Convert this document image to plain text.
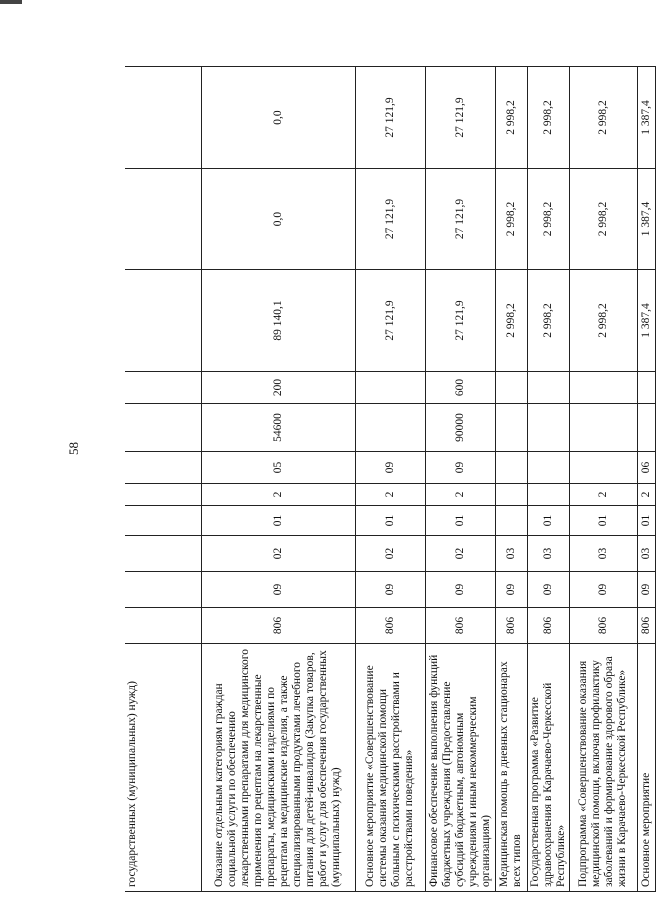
58
государственных (муниципальных) нужд)											
Оказание отдельным категориям граждан социальной услуги по обеспечению лекарственными препаратами для медицинского применения по рецептам на лекарственные препараты, медицинскими изделиями по рецептам на медицинские изделия, а также специализированными продуктами лечебного питания для детей-инвалидов (Закупка товаров, работ и услуг для обеспечения государственных (муниципальных) нужд)	806	09	02	01	2	05	54600	200	89 140,1	0,0	0,0
Основное мероприятие «Совершенствование системы оказания медицинской помощи больным с психическими расстройствами и расстройствами поведения»	806	09	02	01	2	09			27 121,9	27 121,9	27 121,9
Финансовое обеспечение выполнения функций бюджетных учреждения (Предоставление субсидий бюджетным, автономным учреждениям и иным некоммерческим организациям)	806	09	02	01	2	09	90000	600	27 121,9	27 121,9	27 121,9
Медицинская помощь в дневных стационарах всех типов	806	09	03						2 998,2	2 998,2	2 998,2
Государственная программа «Развитие здравоохранения в Карачаево-Черкесской Республике»	806	09	03	01					2 998,2	2 998,2	2 998,2
Подпрограмма «Совершенствование оказания медицинской помощи, включая профилактику заболеваний и формирование здорового образа жизни в Карачаево-Черкесской Республике»	806	09	03	01	2				2 998,2	2 998,2	2 998,2
Основное мероприятие	806	09	03	01	2	06			1 387,4	1 387,4	1 387,4
